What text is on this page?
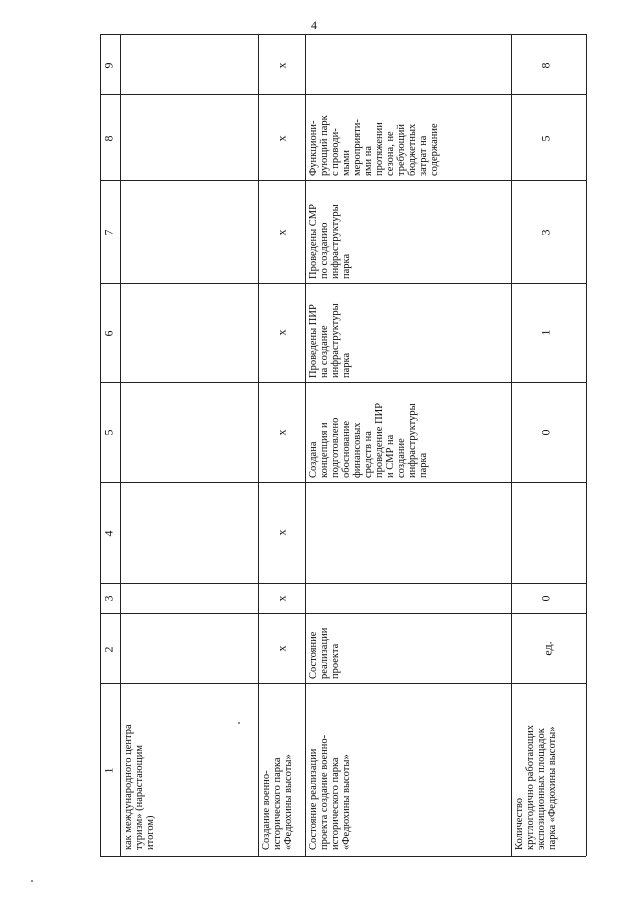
4
1
2
3
4
5
6
7
8
9
как международного центра
туризм» (нарастающим
итогом)	Создание военно-
исторического парка
«Федюхины высоты»
х
х
х
х
х
х
х
х
Состояние реализации
проекта создание военно-
исторического парка
«Федюхины высоты»
Состояние
реализации
проекта
Создана
концепция и
подготовлено
обоснование
финансовых
средств на
проведение ПИР
и СМР на
создание
инфраструктуры
парка
Проведены ПИР
на создание
инфраструктуры
парка
Проведены СМР
по созданию
инфраструктуры
парка
Функциони-
рующий парк
с проводи-
мыми
мероприяти-
ями на
протяжении
сезона, не
требующий
бюджетных
затрат на
содержание
Количество
круглогодично работающих
экспозиционных площадок
парка «Федюхины высоты»
ед.
0
0
1
3
5
8
